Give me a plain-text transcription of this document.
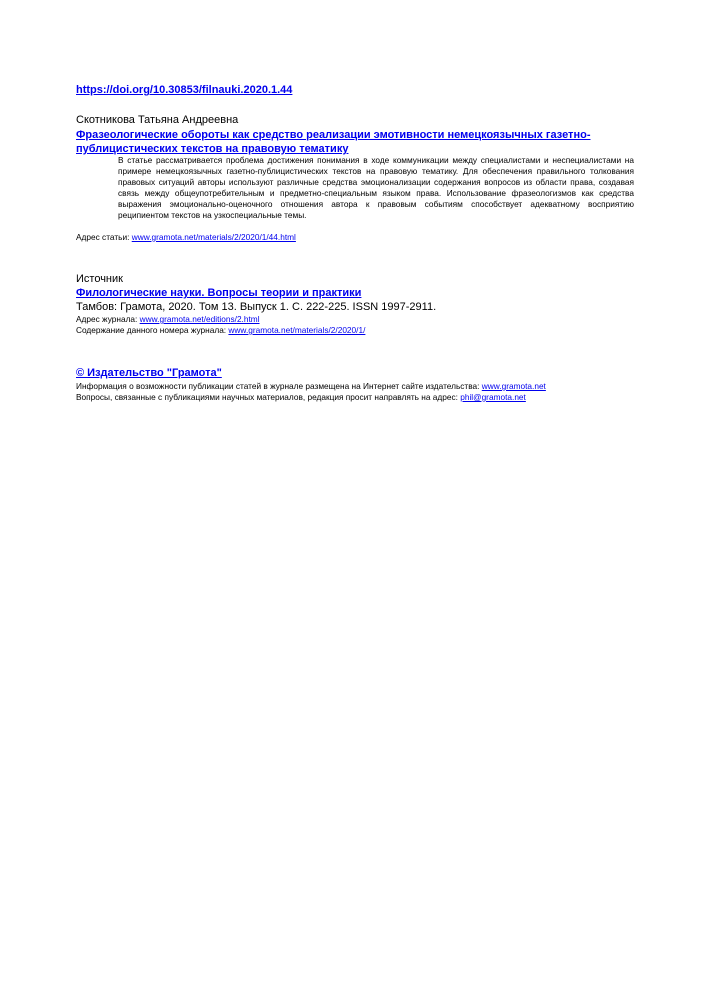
https://doi.org/10.30853/filnauki.2020.1.44
Скотникова Татьяна Андреевна
Фразеологические обороты как средство реализации эмотивности немецкоязычных газетно-публицистических текстов на правовую тематику
В статье рассматривается проблема достижения понимания в ходе коммуникации между специалистами и неспециалистами на примере немецкоязычных газетно-публицистических текстов на правовую тематику. Для обеспечения правильного толкования правовых ситуаций авторы используют различные средства эмоционализации содержания вопросов из области права, создавая связь между общеупотребительным и предметно-специальным языком права. Использование фразеологизмов как средства выражения эмоционально-оценочного отношения автора к правовым событиям способствует адекватному восприятию реципиентом текстов на узкоспециальные темы.
Адрес статьи: www.gramota.net/materials/2/2020/1/44.html
Источник
Филологические науки. Вопросы теории и практики
Тамбов: Грамота, 2020. Том 13. Выпуск 1. C. 222-225. ISSN 1997-2911.
Адрес журнала: www.gramota.net/editions/2.html
Содержание данного номера журнала: www.gramota.net/materials/2/2020/1/
© Издательство "Грамота"
Информация о возможности публикации статей в журнале размещена на Интернет сайте издательства: www.gramota.net
Вопросы, связанные с публикациями научных материалов, редакция просит направлять на адрес: phil@gramota.net
